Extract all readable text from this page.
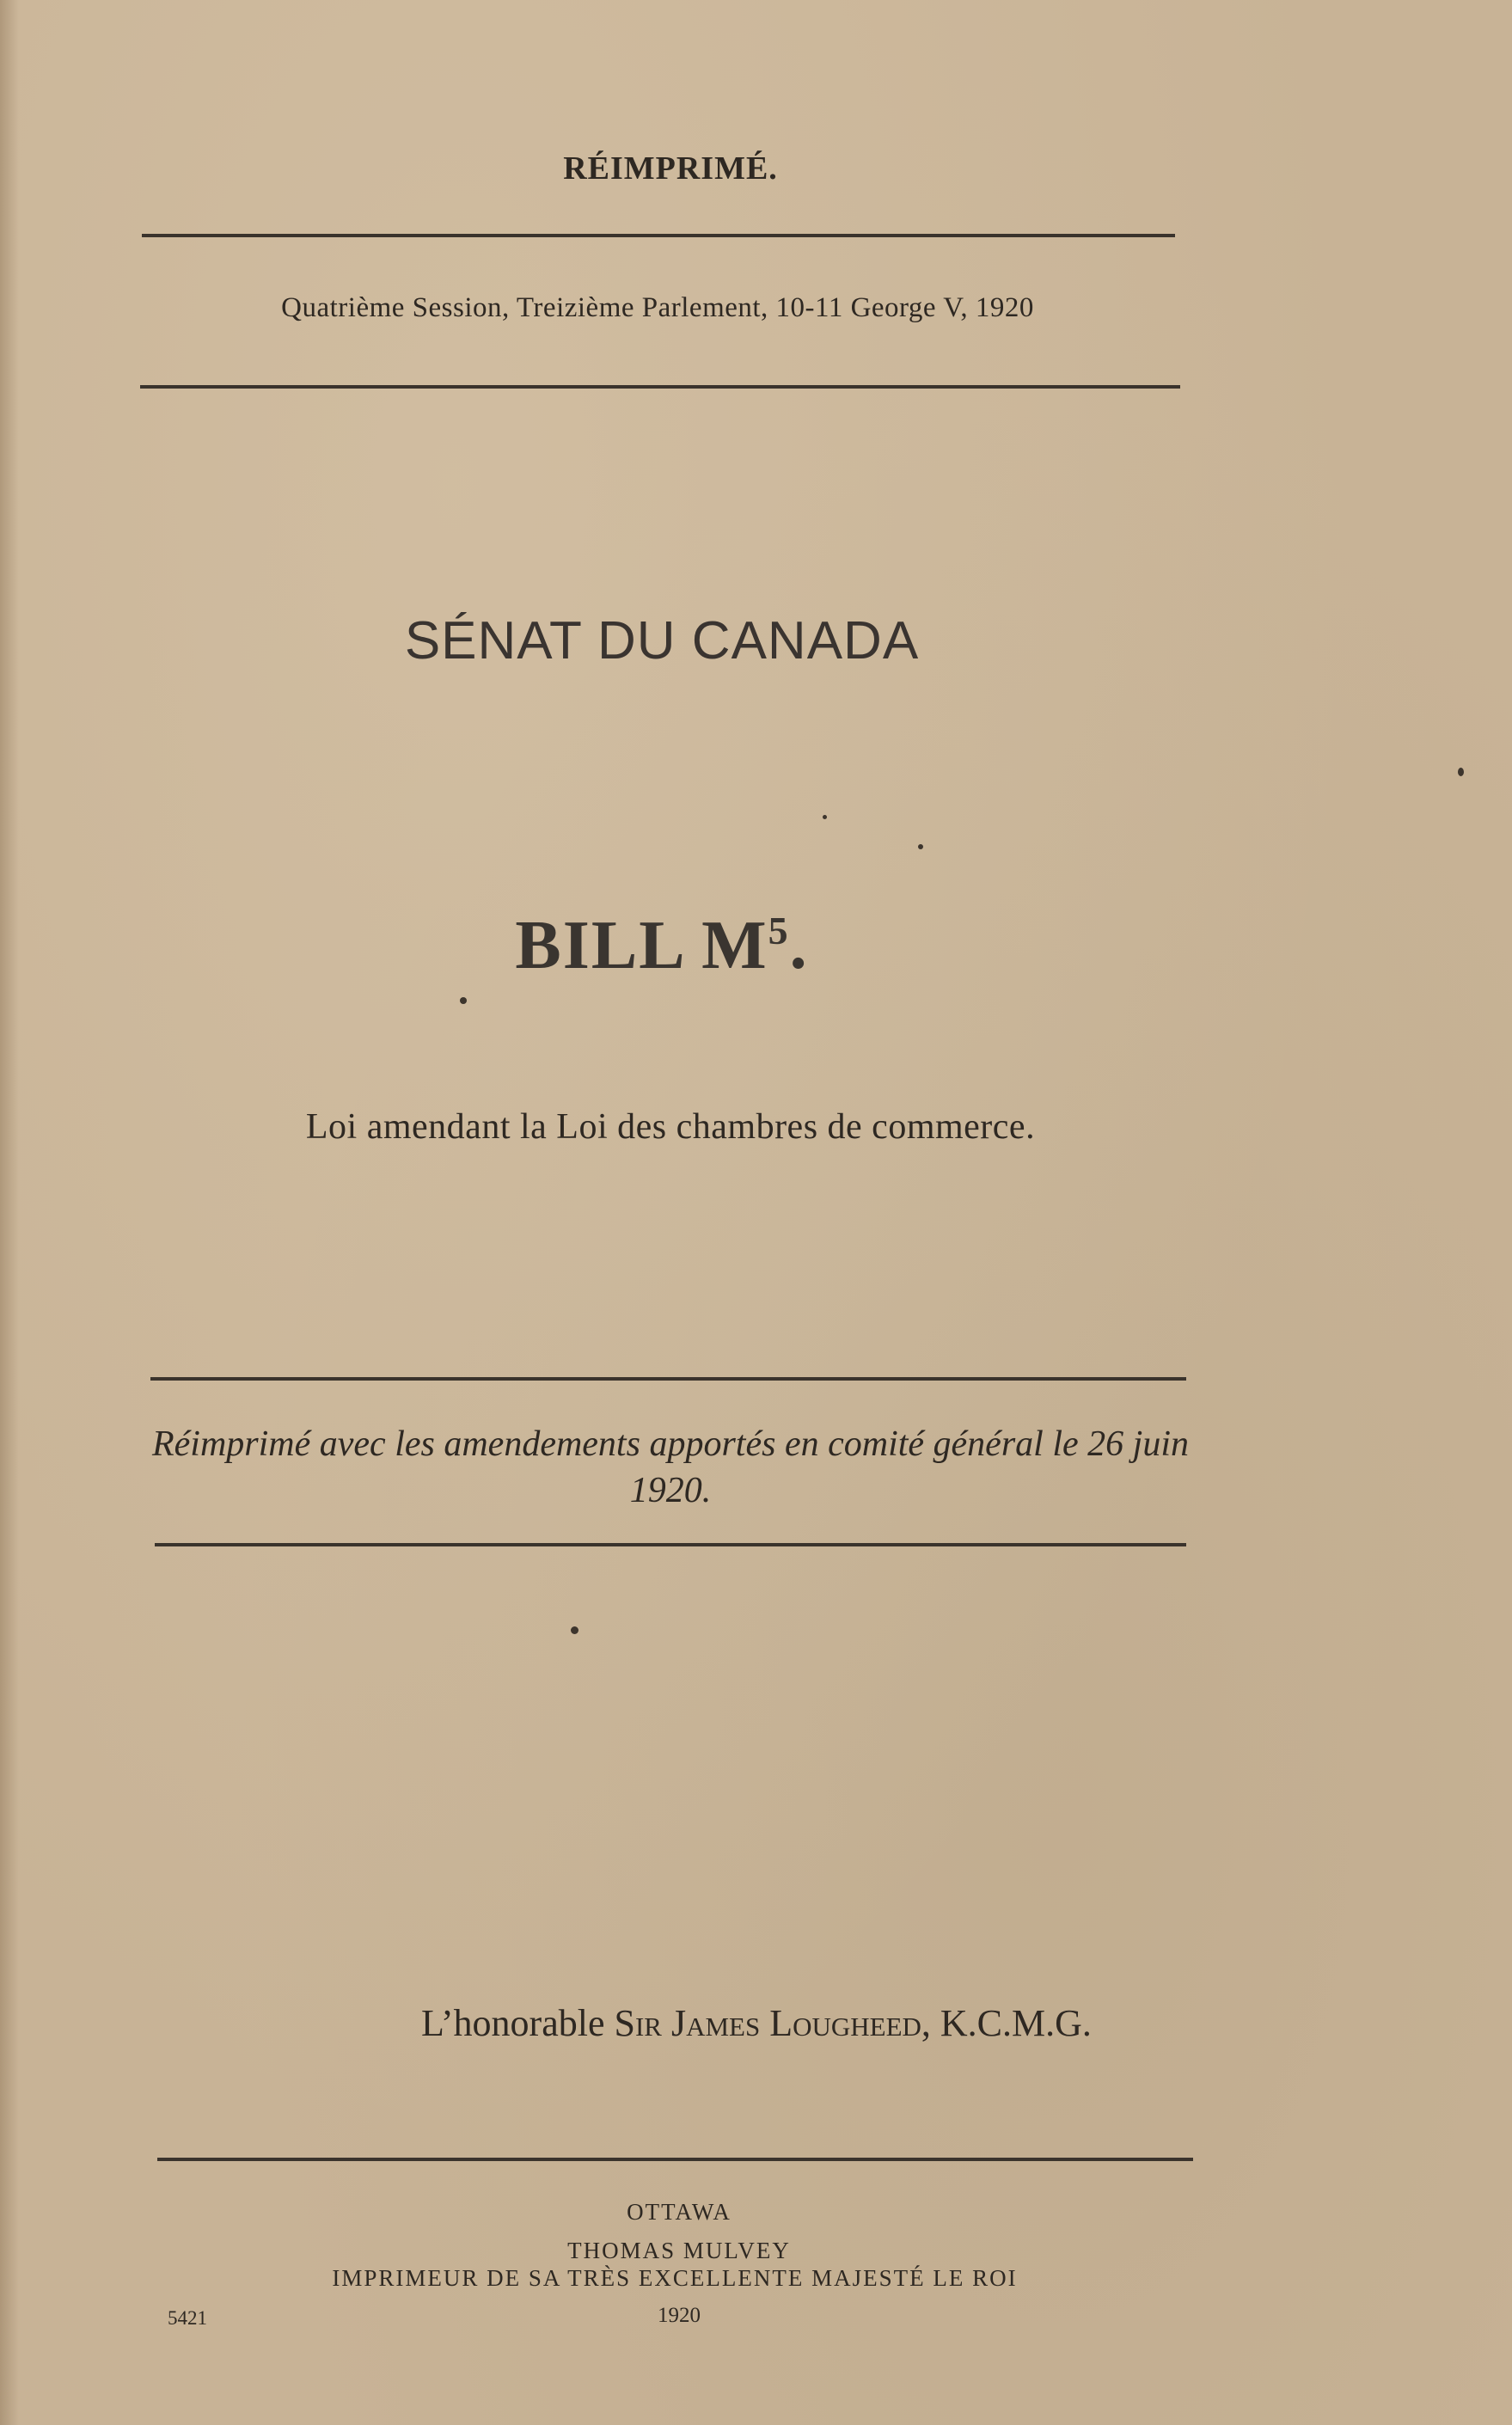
RÉIMPRIMÉ.
Quatrième Session, Treizième Parlement, 10-11 George V, 1920
SÉNAT DU CANADA
BILL $M^5$.
Loi amendant la Loi des chambres de commerce.
Réimprimé avec les amendements apportés en comité général le 26 juin 1920.
L’honorable Sir James Lougheed, K.C.M.G.
OTTAWA
THOMAS MULVEY
IMPRIMEUR DE SA TRÈS EXCELLENTE MAJESTÉ LE ROI
5421	1920
